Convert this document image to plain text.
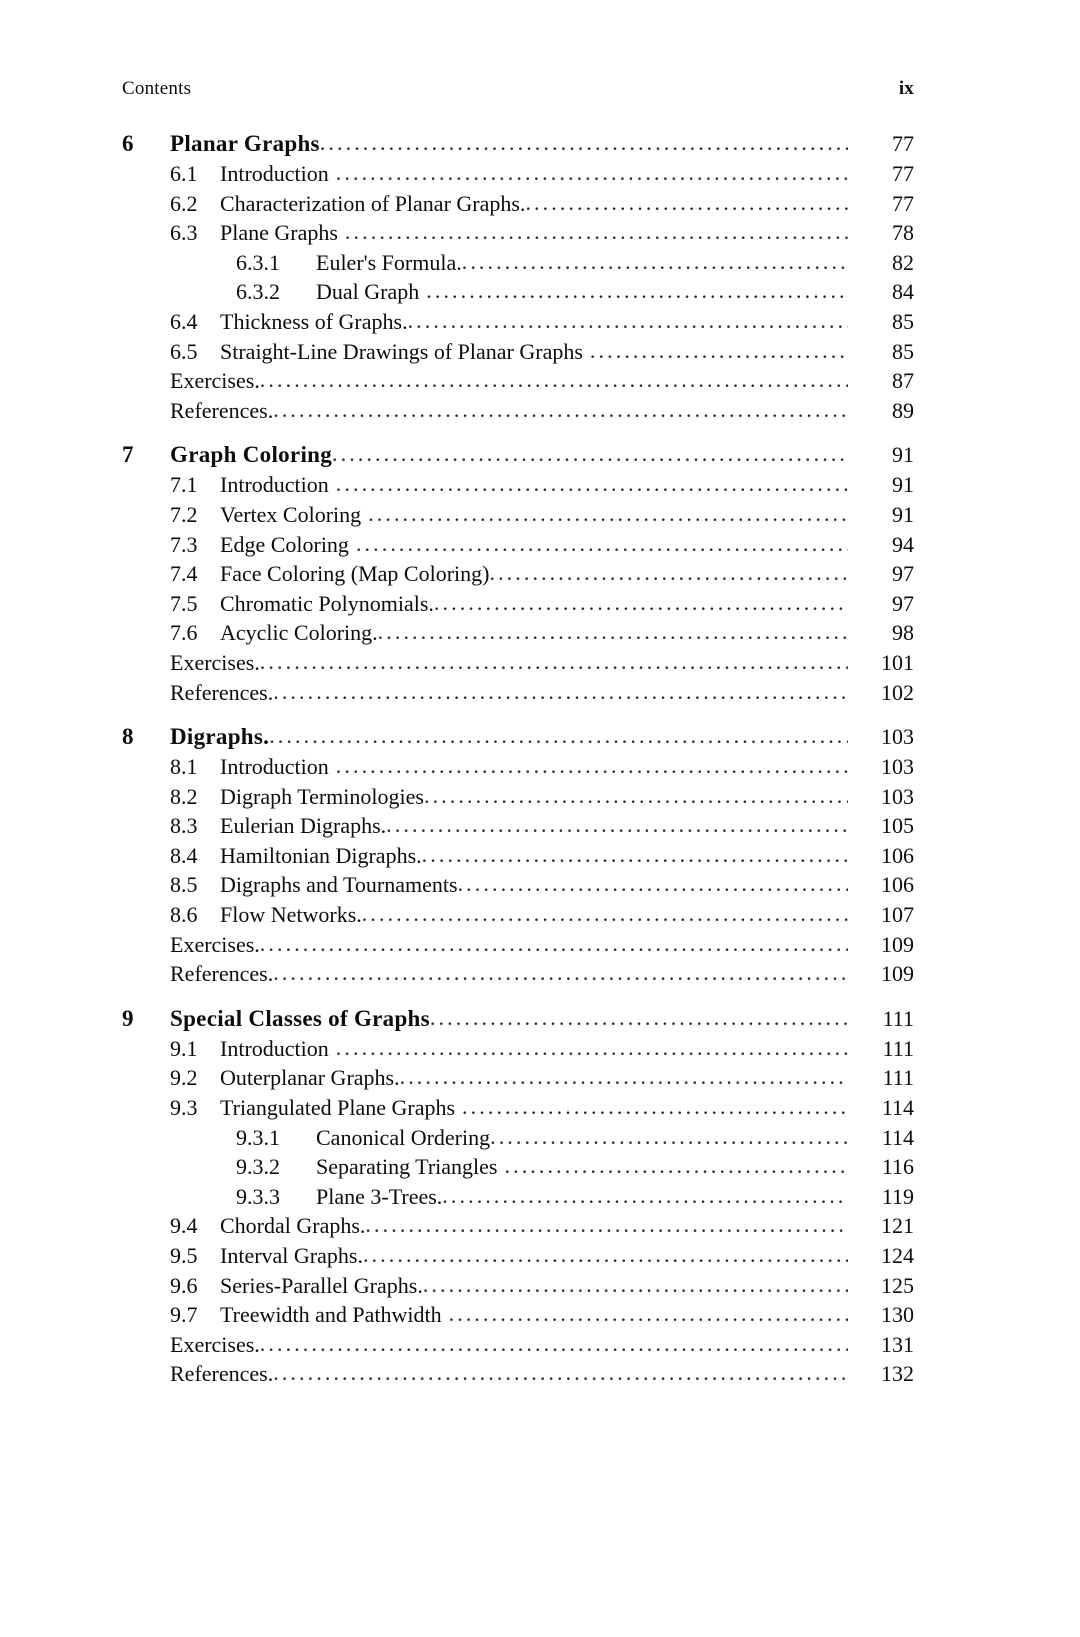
Contents	ix
6	Planar Graphs .....	77
6.1	Introduction .....	77
6.2	Characterization of Planar Graphs. .....	77
6.3	Plane Graphs .....	78
6.3.1	Euler's Formula. .....	82
6.3.2	Dual Graph .....	84
6.4	Thickness of Graphs. .....	85
6.5	Straight-Line Drawings of Planar Graphs .....	85
Exercises. .....	87
References. .....	89
7	Graph Coloring .....	91
7.1	Introduction .....	91
7.2	Vertex Coloring .....	91
7.3	Edge Coloring .....	94
7.4	Face Coloring (Map Coloring) .....	97
7.5	Chromatic Polynomials. .....	97
7.6	Acyclic Coloring. .....	98
Exercises. .....	101
References. .....	102
8	Digraphs. .....	103
8.1	Introduction .....	103
8.2	Digraph Terminologies .....	103
8.3	Eulerian Digraphs. .....	105
8.4	Hamiltonian Digraphs. .....	106
8.5	Digraphs and Tournaments .....	106
8.6	Flow Networks. .....	107
Exercises. .....	109
References. .....	109
9	Special Classes of Graphs .....	111
9.1	Introduction .....	111
9.2	Outerplanar Graphs. .....	111
9.3	Triangulated Plane Graphs .....	114
9.3.1	Canonical Ordering .....	114
9.3.2	Separating Triangles .....	116
9.3.3	Plane 3-Trees. .....	119
9.4	Chordal Graphs. .....	121
9.5	Interval Graphs. .....	124
9.6	Series-Parallel Graphs. .....	125
9.7	Treewidth and Pathwidth .....	130
Exercises. .....	131
References. .....	132
